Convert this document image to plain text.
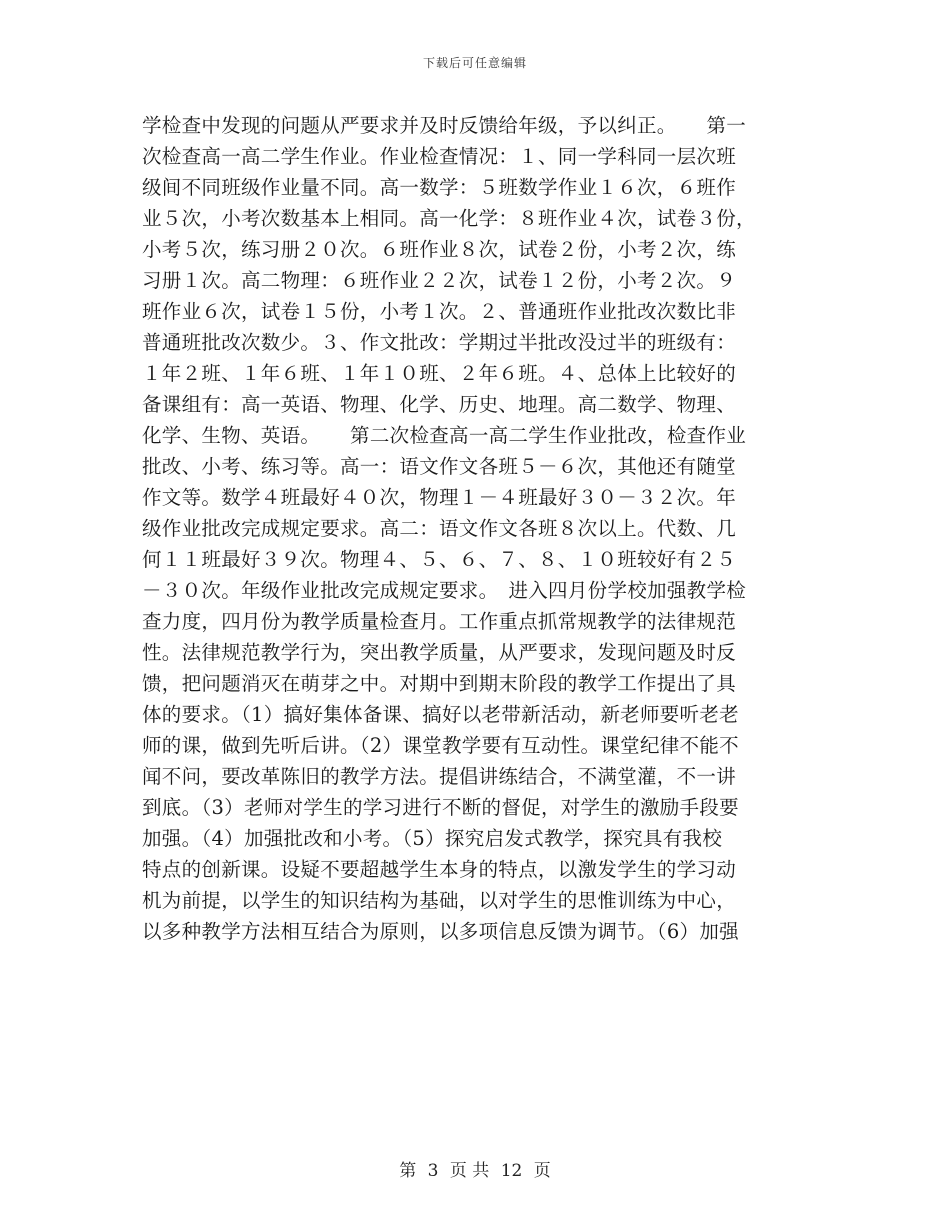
下载后可任意编辑
学检查中发现的问题从严要求并及时反馈给年级，予以纠正。　　第一
次检查高一高二学生作业。作业检查情况：１、同一学科同一层次班
级间不同班级作业量不同。高一数学：５班数学作业１６次，６班作
业５次，小考次数基本上相同。高一化学：８班作业４次，试卷３份，
小考５次，练习册２０次。６班作业８次，试卷２份，小考２次，练
习册１次。高二物理：６班作业２２次，试卷１２份，小考２次。９
班作业６次，试卷１５份，小考１次。２、普通班作业批改次数比非
普通班批改次数少。３、作文批改：学期过半批改没过半的班级有：
１年２班、１年６班、１年１０班、２年６班。４、总体上比较好的
备课组有：高一英语、物理、化学、历史、地理。高二数学、物理、
化学、生物、英语。　　第二次检查高一高二学生作业批改，检查作业
批改、小考、练习等。高一：语文作文各班５－６次，其他还有随堂
作文等。数学４班最好４０次，物理１－４班最好３０－３２次。年
级作业批改完成规定要求。高二：语文作文各班８次以上。代数、几
何１１班最好３９次。物理４、５、６、７、８、１０班较好有２５
－３０次。年级作业批改完成规定要求。　进入四月份学校加强教学检
查力度，四月份为教学质量检查月。工作重点抓常规教学的法律规范
性。法律规范教学行为，突出教学质量，从严要求，发现问题及时反
馈，把问题消灭在萌芽之中。对期中到期末阶段的教学工作提出了具
体的要求。（1）搞好集体备课、搞好以老带新活动，新老师要听老老
师的课，做到先听后讲。（2）课堂教学要有互动性。课堂纪律不能不
闻不问，要改革陈旧的教学方法。提倡讲练结合，不满堂灌，不一讲
到底。（3）老师对学生的学习进行不断的督促，对学生的激励手段要
加强。（4）加强批改和小考。（5）探究启发式教学，探究具有我校
特点的创新课。设疑不要超越学生本身的特点，以激发学生的学习动
机为前提，以学生的知识结构为基础，以对学生的思惟训练为中心，
以多种教学方法相互结合为原则，以多项信息反馈为调节。（6）加强
第 3 页 共 12 页
